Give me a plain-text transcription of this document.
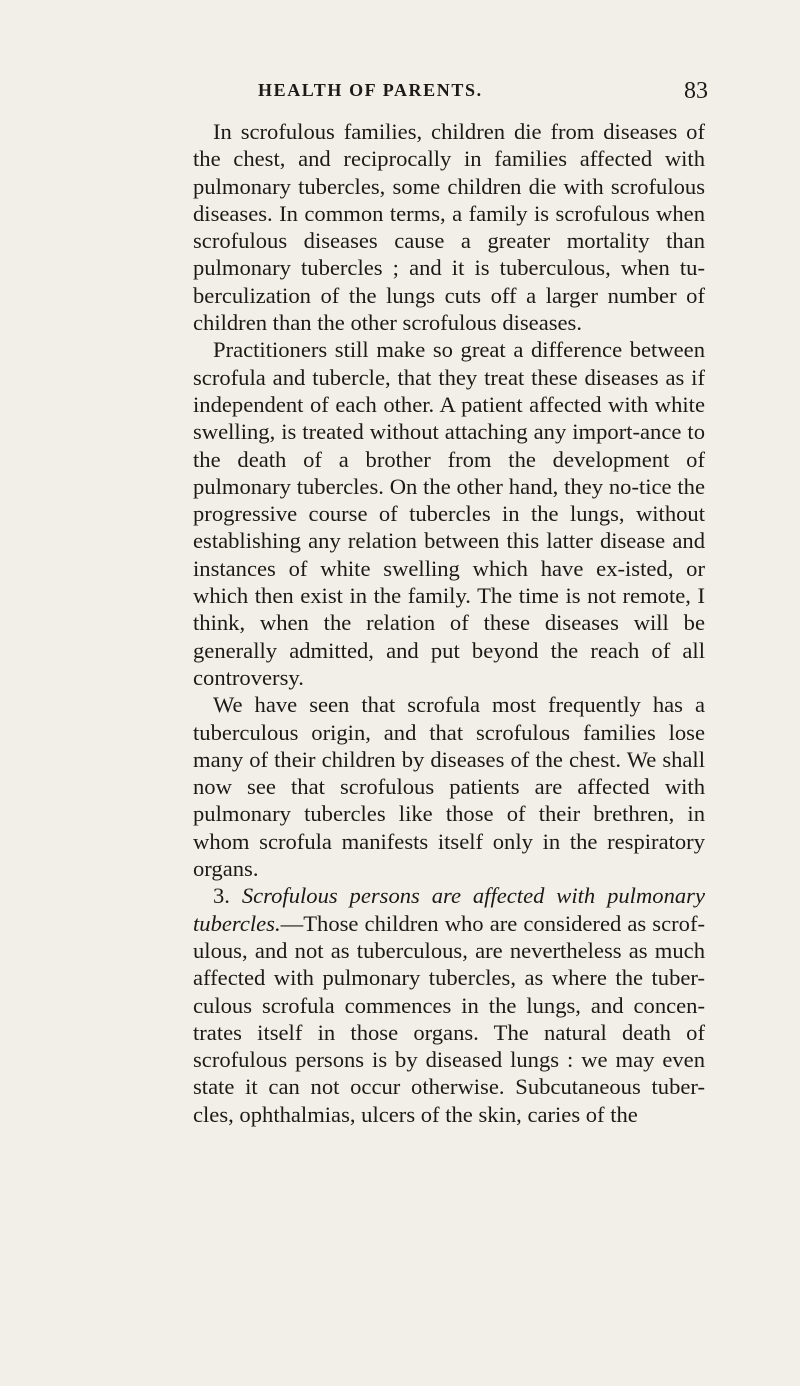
HEALTH OF PARENTS.	83

In scrofulous families, children die from diseases of the chest, and reciprocally in families affected with pulmonary tubercles, some children die with scrofulous diseases. In common terms, a family is scrofulous when scrofulous diseases cause a greater mortality than pulmonary tubercles ; and it is tuberculous, when tu-berculization of the lungs cuts off a larger number of children than the other scrofulous diseases.

Practitioners still make so great a difference between scrofula and tubercle, that they treat these diseases as if independent of each other. A patient affected with white swelling, is treated without attaching any import-ance to the death of a brother from the development of pulmonary tubercles. On the other hand, they no-tice the progressive course of tubercles in the lungs, without establishing any relation between this latter disease and instances of white swelling which have ex-isted, or which then exist in the family. The time is not remote, I think, when the relation of these diseases will be generally admitted, and put beyond the reach of all controversy.

We have seen that scrofula most frequently has a tuberculous origin, and that scrofulous families lose many of their children by diseases of the chest. We shall now see that scrofulous patients are affected with pulmonary tubercles like those of their brethren, in whom scrofula manifests itself only in the respiratory organs.

3. Scrofulous persons are affected with pulmonary tubercles.—Those children who are considered as scrof-ulous, and not as tuberculous, are nevertheless as much affected with pulmonary tubercles, as where the tuber-culous scrofula commences in the lungs, and concen-trates itself in those organs. The natural death of scrofulous persons is by diseased lungs : we may even state it can not occur otherwise. Subcutaneous tuber-cles, ophthalmias, ulcers of the skin, caries of the
